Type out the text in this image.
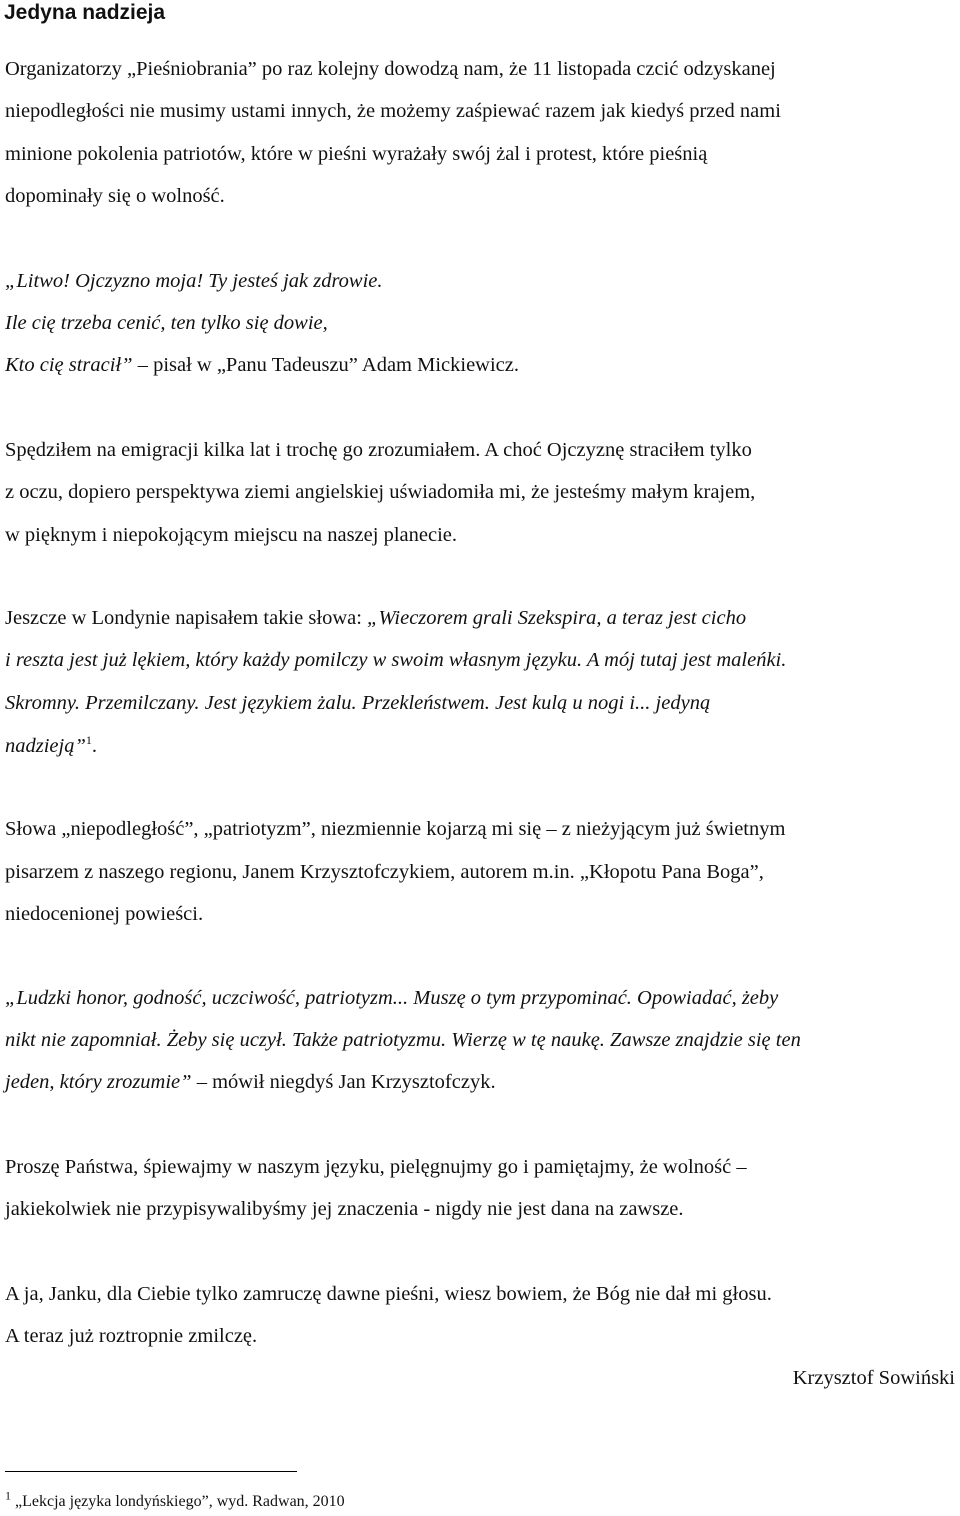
Jedyna nadzieja
Organizatorzy „Pieśniobrania” po raz kolejny dowodzą nam, że 11 listopada czcić odzyskanej
niepodległości nie musimy ustami innych, że możemy zaśpiewać razem jak kiedyś przed nami
minione pokolenia patriotów, które w pieśni wyrażały swój żal i protest, które pieśnią
dopominały się o wolność.
„Litwo! Ojczyzno moja! Ty jesteś jak zdrowie.
Ile cię trzeba cenić, ten tylko się dowie,
Kto cię stracił” – pisał w „Panu Tadeuszu” Adam Mickiewicz.
Spędziłem na emigracji kilka lat i trochę go zrozumiałem. A choć Ojczyznę straciłem tylko
z oczu, dopiero perspektywa ziemi angielskiej uświadomiła mi, że jesteśmy małym krajem,
w pięknym i niepokojącym miejscu na naszej planecie.
Jeszcze w Londynie napisałem takie słowa: „Wieczorem grali Szekspira, a teraz jest cicho
i reszta jest już lękiem, który każdy pomilczy w swoim własnym języku. A mój tutaj jest maleńki.
Skromny. Przemilczany. Jest językiem żalu. Przekleństwem. Jest kulą u nogi i... jedyną
nadzieją”$^1$.
Słowa „niepodległość”, „patriotyzm”, niezmiennie kojarzą mi się – z nieżyjącym już świetnym
pisarzem z naszego regionu, Janem Krzysztofczykiem, autorem m.in. „Kłopotu Pana Boga”,
niedocenionej powieści.
„Ludzki honor, godność, uczciwość, patriotyzm... Muszę o tym przypominać. Opowiadać, żeby
nikt nie zapomniał. Żeby się uczył. Także patriotyzmu. Wierzę w tę naukę. Zawsze znajdzie się ten
jeden, który zrozumie” – mówił niegdyś Jan Krzysztofczyk.
Proszę Państwa, śpiewajmy w naszym języku, pielęgnujmy go i pamiętajmy, że wolność –
jakiekolwiek nie przypisywalibyśmy jej znaczenia - nigdy nie jest dana na zawsze.
A ja, Janku, dla Ciebie tylko zamruczę dawne pieśni, wiesz bowiem, że Bóg nie dał mi głosu.
A teraz już roztropnie zmilczę.
Krzysztof Sowiński
$^1$ „Lekcja języka londyńskiego”, wyd. Radwan, 2010
